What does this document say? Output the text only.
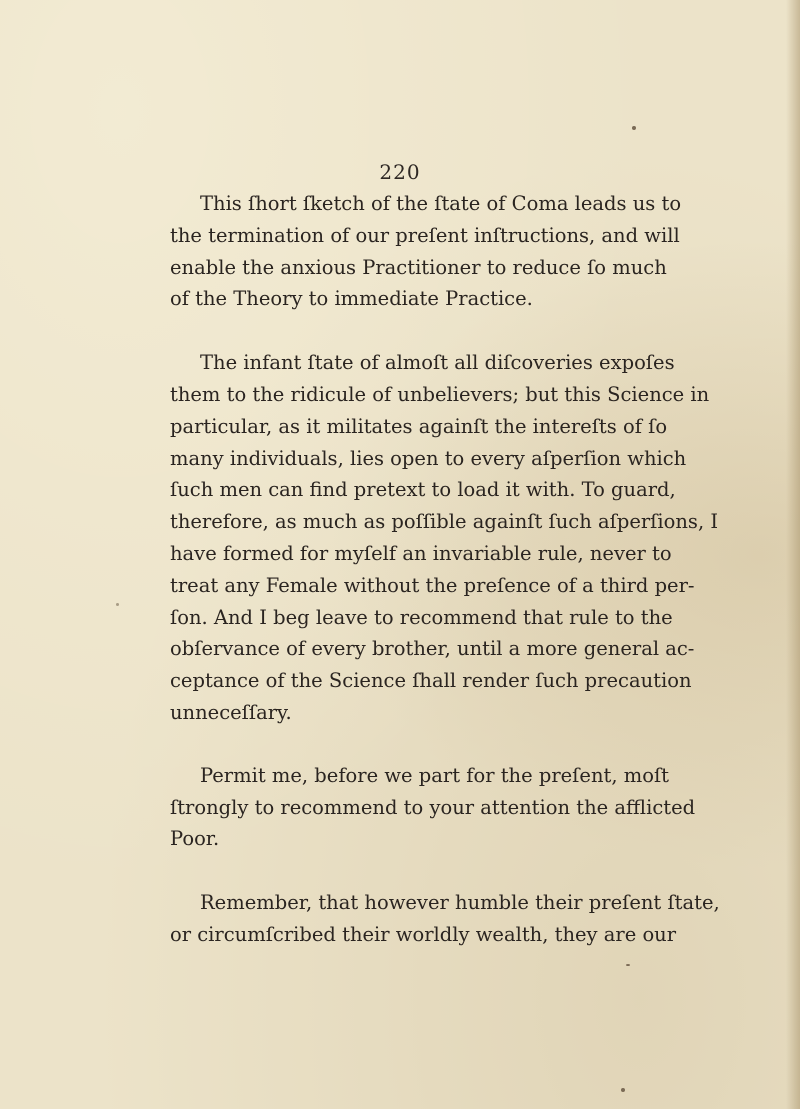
220

This ſhort ſketch of the ſtate of Coma leads us to
the termination of our preſent inſtructions, and will
enable the anxious Practitioner to reduce ſo much
of the Theory to immediate Practice.

The infant ſtate of almoſt all diſcoveries expoſes
them to the ridicule of unbelievers; but this Science in
particular, as it militates againſt the intereſts of ſo
many individuals, lies open to every aſperſion which
ſuch men can find pretext to load it with. To guard,
therefore, as much as poſſible againſt ſuch aſperſions, I
have formed for myſelf an invariable rule, never to
treat any Female without the preſence of a third per-
ſon. And I beg leave to recommend that rule to the
obſervance of every brother, until a more general ac-
ceptance of the Science ſhall render ſuch precaution
unneceſſary.

Permit me, before we part for the preſent, moſt
ſtrongly to recommend to your attention the afflicted
Poor.

Remember, that however humble their preſent ſtate,
or circumſcribed their worldly wealth, they are our
